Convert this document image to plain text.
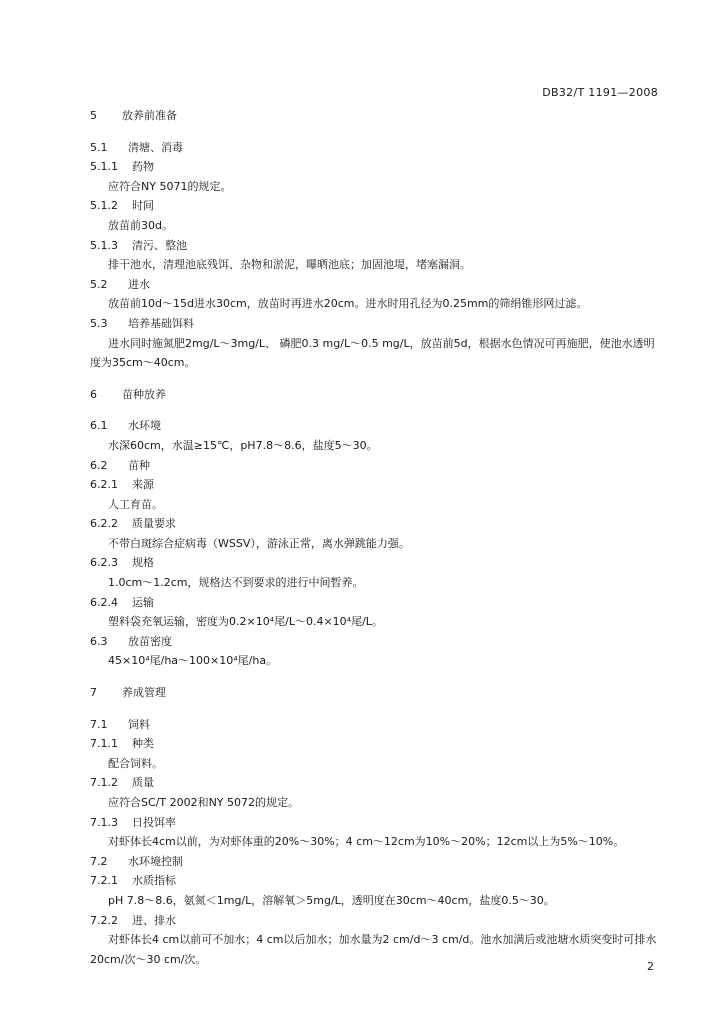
DB32/T 1191—2008
5 放养前准备
5.1 清塘、消毒
5.1.1 药物
应符合NY 5071的规定。
5.1.2 时间
放苗前30d。
5.1.3 清污、整池
排干池水，清理池底残饵、杂物和淤泥，曝晒池底；加固池堤，堵塞漏洞。
5.2 进水
放苗前10d～15d进水30cm，放苗时再进水20cm。进水时用孔径为0.25mm的筛绢锥形网过滤。
5.3 培养基础饵料
进水同时施氮肥2mg/L～3mg/L、 磷肥0.3 mg/L～0.5 mg/L，放苗前5d，根据水色情况可再施肥，使池水透明度为35cm～40cm。
6 苗种放养
6.1 水环境
水深60cm，水温≥15℃，pH7.8～8.6，盐度5～30。
6.2 苗种
6.2.1 来源
人工育苗。
6.2.2 质量要求
不带白斑综合症病毒（WSSV），游泳正常，离水弹跳能力强。
6.2.3 规格
1.0cm～1.2cm，规格达不到要求的进行中间暂养。
6.2.4 运输
塑料袋充氧运输，密度为0.2×10⁴尾/L～0.4×10⁴尾/L。
6.3 放苗密度
45×10⁴尾/ha～100×10⁴尾/ha。
7 养成管理
7.1 饲料
7.1.1 种类
配合饲料。
7.1.2 质量
应符合SC/T 2002和NY 5072的规定。
7.1.3 日投饵率
对虾体长4cm以前，为对虾体重的20%～30%；4 cm～12cm为10%～20%；12cm以上为5%～10%。
7.2 水环境控制
7.2.1 水质指标
pH 7.8～8.6，氨氮＜1mg/L，溶解氧＞5mg/L，透明度在30cm～40cm，盐度0.5～30。
7.2.2 进、排水
对虾体长4 cm以前可不加水；4 cm以后加水；加水量为2 cm/d～3 cm/d。池水加满后或池塘水质突变时可排水20cm/次～30 cm/次。
2
